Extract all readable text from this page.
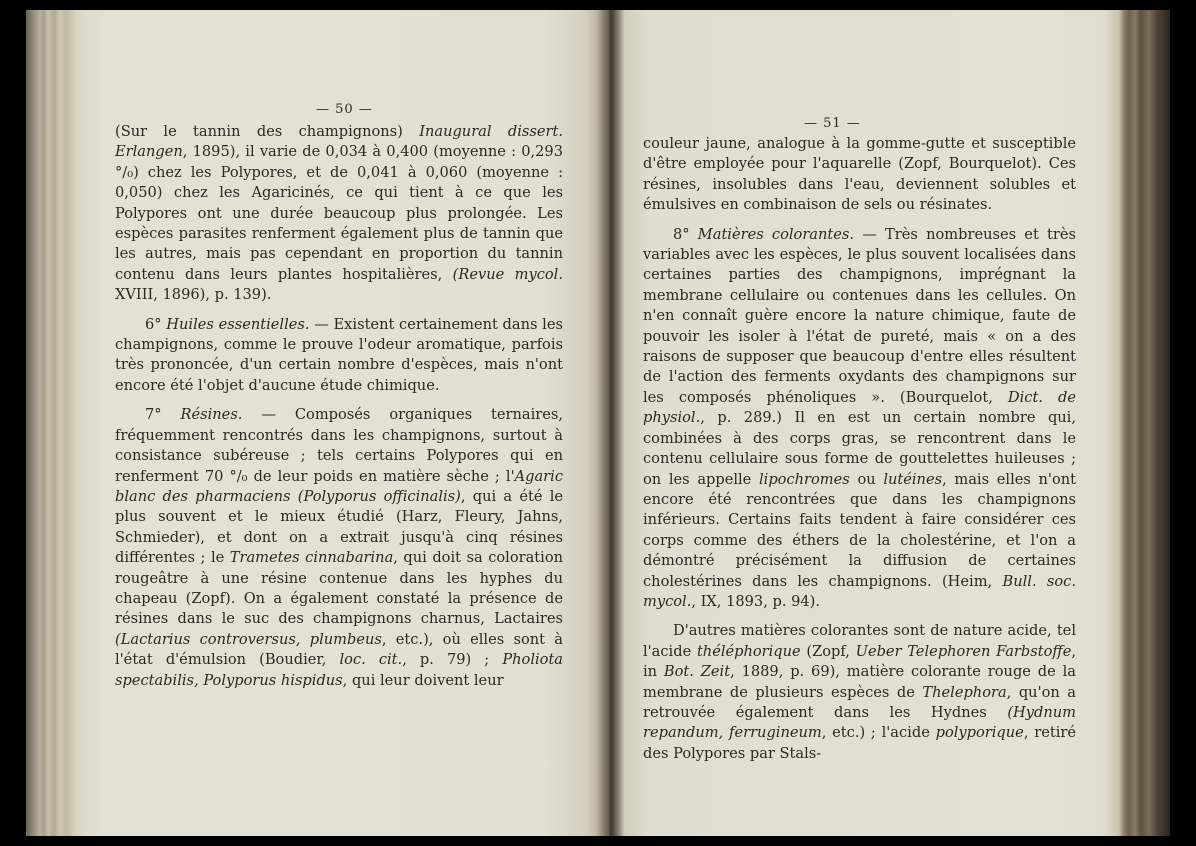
— 50 —

(Sur le tannin des champignons) Inaugural dissert. Erlangen, 1895), il varie de 0,034 à 0,400 (moyenne : 0,293 °/₀) chez les Polypores, et de 0,041 à 0,060 (moyenne : 0,050) chez les Agaricinés, ce qui tient à ce que les Polypores ont une durée beaucoup plus prolongée. Les espèces parasites renferment également plus de tannin que les autres, mais pas cependant en proportion du tannin contenu dans leurs plantes hospitalières, (Revue mycol. XVIII, 1896), p. 139).

6° Huiles essentielles. — Existent certainement dans les champignons, comme le prouve l'odeur aromatique, parfois très prononcée, d'un certain nombre d'espèces, mais n'ont encore été l'objet d'aucune étude chimique.

7° Résines. — Composés organiques ternaires, fréquemment rencontrés dans les champignons, surtout à consistance subéreuse ; tels certains Polypores qui en renferment 70 °/₀ de leur poids en matière sèche ; l'Agaric blanc des pharmaciens (Polyporus officinalis), qui a été le plus souvent et le mieux étudié (Harz, Fleury, Jahns, Schmieder), et dont on a extrait jusqu'à cinq résines différentes ; le Trametes cinnabarina, qui doit sa coloration rougeâtre à une résine contenue dans les hyphes du chapeau (Zopf). On a également constaté la présence de résines dans le suc des champignons charnus, Lactaires (Lactarius controversus, plumbeus, etc.), où elles sont à l'état d'émulsion (Boudier, loc. cit., p. 79) ; Pholiota spectabilis, Polyporus hispidus, qui leur doivent leur

— 51 —

couleur jaune, analogue à la gomme-gutte et susceptible d'être employée pour l'aquarelle (Zopf, Bourquelot). Ces résines, insolubles dans l'eau, deviennent solubles et émulsives en combinaison de sels ou résinates.

8° Matières colorantes. — Très nombreuses et très variables avec les espèces, le plus souvent localisées dans certaines parties des champignons, imprégnant la membrane cellulaire ou contenues dans les cellules. On n'en connaît guère encore la nature chimique, faute de pouvoir les isoler à l'état de pureté, mais « on a des raisons de supposer que beaucoup d'entre elles résultent de l'action des ferments oxydants des champignons sur les composés phénoliques ». (Bourquelot, Dict. de physiol., p. 289.) Il en est un certain nombre qui, combinées à des corps gras, se rencontrent dans le contenu cellulaire sous forme de gouttelettes huileuses ; on les appelle lipochromes ou lutéines, mais elles n'ont encore été rencontrées que dans les champignons inférieurs. Certains faits tendent à faire considérer ces corps comme des éthers de la cholestérine, et l'on a démontré précisément la diffusion de certaines cholestérines dans les champignons. (Heim, Bull. soc. mycol., IX, 1893, p. 94).

D'autres matières colorantes sont de nature acide, tel l'acide théléphorique (Zopf, Ueber Telephoren Farbstoffe, in Bot. Zeit, 1889, p. 69), matière colorante rouge de la membrane de plusieurs espèces de Thelephora, qu'on a retrouvée également dans les Hydnes (Hydnum repandum, ferrugineum, etc.) ; l'acide polyporique, retiré des Polypores par Stals-
